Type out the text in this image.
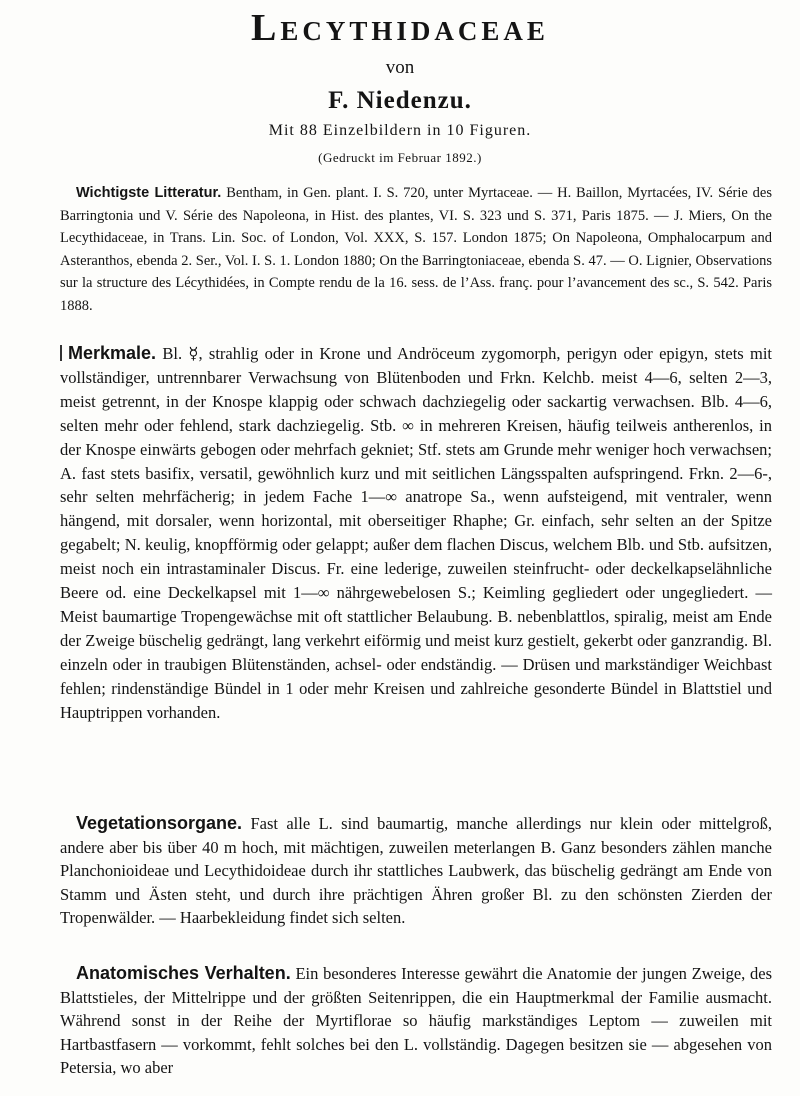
Lecythidaceae
von
F. Niedenzu.
Mit 88 Einzelbildern in 10 Figuren.
(Gedruckt im Februar 1892.)
Wichtigste Litteratur. Bentham, in Gen. plant. I. S. 720, unter Myrtaceae. — H. Baillon, Myrtacées, IV. Série des Barringtonia und V. Série des Napoleona, in Hist. des plantes, VI. S. 323 und S. 371, Paris 1875. — J. Miers, On the Lecythidaceae, in Trans. Lin. Soc. of London, Vol. XXX, S. 157. London 1875; On Napoleona, Omphalocarpum and Asteranthos, ebenda 2. Ser., Vol. I. S. 1. London 1880; On the Barringtoniaceae, ebenda S. 47. — O. Lignier, Observations sur la structure des Lécythidées, in Compte rendu de la 16. sess. de l’Ass. franç. pour l’avancement des sc., S. 542. Paris 1888.
Merkmale. Bl. ☿, strahlig oder in Krone und Andröceum zygomorph, perigyn oder epigyn, stets mit vollständiger, untrennbarer Verwachsung von Blütenboden und Frkn. Kelchb. meist 4—6, selten 2—3, meist getrennt, in der Knospe klappig oder schwach dachziegelig oder sackartig verwachsen. Blb. 4—6, selten mehr oder fehlend, stark dachziegelig. Stb. ∞ in mehreren Kreisen, häufig teilweis antherenlos, in der Knospe einwärts gebogen oder mehrfach gekniet; Stf. stets am Grunde mehr weniger hoch verwachsen; A. fast stets basifix, versatil, gewöhnlich kurz und mit seitlichen Längsspalten aufspringend. Frkn. 2—6-, sehr selten mehrfächerig; in jedem Fache 1—∞ anatrope Sa., wenn aufsteigend, mit ventraler, wenn hängend, mit dorsaler, wenn horizontal, mit oberseitiger Rhaphe; Gr. einfach, sehr selten an der Spitze gegabelt; N. keulig, knopfförmig oder gelappt; außer dem flachen Discus, welchem Blb. und Stb. aufsitzen, meist noch ein intrastaminaler Discus. Fr. eine lederige, zuweilen steinfrucht- oder deckelkapselähnliche Beere od. eine Deckelkapsel mit 1—∞ nährgewebelosen S.; Keimling gegliedert oder ungegliedert. — Meist baumartige Tropengewächse mit oft stattlicher Belaubung. B. nebenblattlos, spiralig, meist am Ende der Zweige büschelig gedrängt, lang verkehrt eiförmig und meist kurz gestielt, gekerbt oder ganzrandig. Bl. einzeln oder in traubigen Blütenständen, achsel- oder endständig. — Drüsen und markständiger Weichbast fehlen; rindenständige Bündel in 1 oder mehr Kreisen und zahlreiche gesonderte Bündel in Blattstiel und Hauptrippen vorhanden.
Vegetationsorgane. Fast alle L. sind baumartig, manche allerdings nur klein oder mittelgroß, andere aber bis über 40 m hoch, mit mächtigen, zuweilen meterlangen B. Ganz besonders zählen manche Planchonioideae und Lecythidoideae durch ihr stattliches Laubwerk, das büschelig gedrängt am Ende von Stamm und Ästen steht, und durch ihre prächtigen Ähren großer Bl. zu den schönsten Zierden der Tropenwälder. — Haarbekleidung findet sich selten.
Anatomisches Verhalten. Ein besonderes Interesse gewährt die Anatomie der jungen Zweige, des Blattstieles, der Mittelrippe und der größten Seitenrippen, die ein Hauptmerkmal der Familie ausmacht. Während sonst in der Reihe der Myrtiflorae so häufig markständiges Leptom — zuweilen mit Hartbastfasern — vorkommt, fehlt solches bei den L. vollständig. Dagegen besitzen sie — abgesehen von Petersia, wo aber
